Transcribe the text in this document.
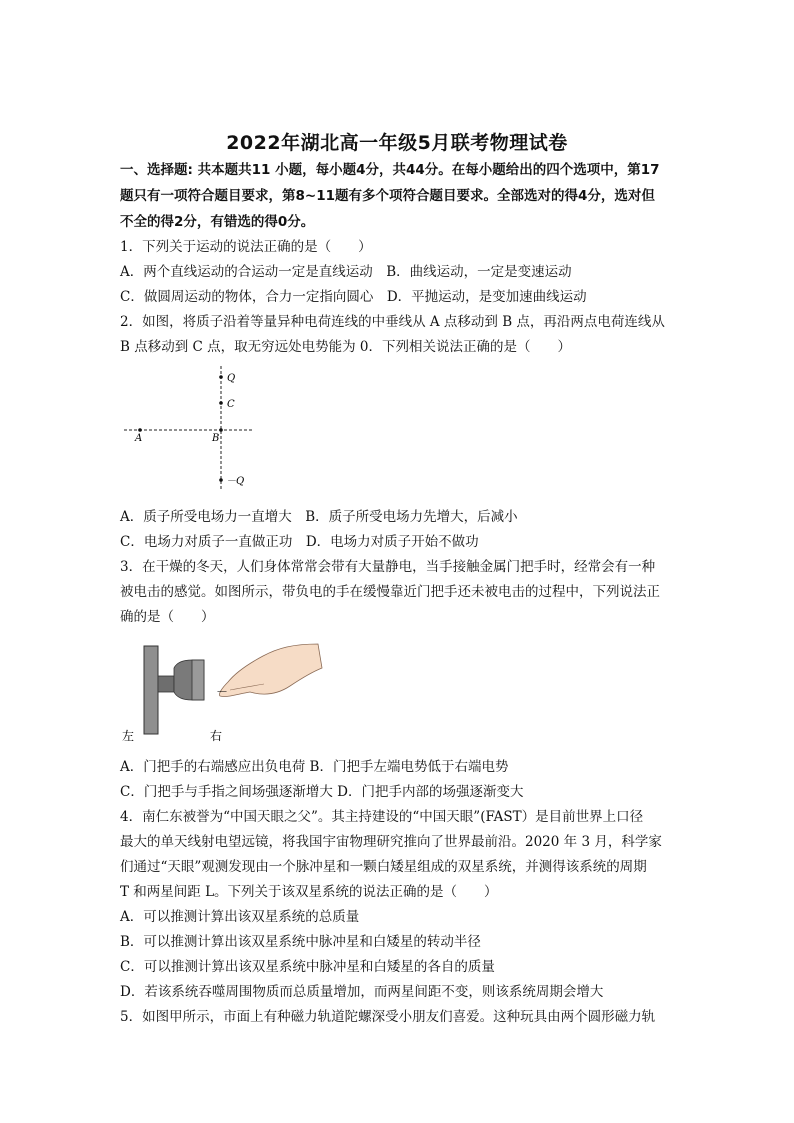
2022年湖北高一年级5月联考物理试卷
一、选择题: 共本题共11 小题，每小题4分，共44分。在每小题给出的四个选项中，第17
题只有一项符合题目要求，第8~11题有多个项符合题目要求。全部选对的得4分，选对但
不全的得2分，有错选的得0分。
1．下列关于运动的说法正确的是（　　）
A．两个直线运动的合运动一定是直线运动　B．曲线运动，一定是变速运动
C．做圆周运动的物体，合力一定指向圆心　D．平抛运动，是变加速曲线运动
2．如图，将质子沿着等量异种电荷连线的中垂线从 A 点移动到 B 点，再沿两点电荷连线从
B 点移动到 C 点，取无穷远处电势能为 0．下列相关说法正确的是（　　）
Q
C
A	B
－Q
A．质子所受电场力一直增大　B．质子所受电场力先增大，后减小
C．电场力对质子一直做正功　D．电场力对质子开始不做功
3．在干燥的冬天，人们身体常常会带有大量静电，当手接触金属门把手时，经常会有一种
被电击的感觉。如图所示，带负电的手在缓慢靠近门把手还未被电击的过程中，下列说法正
确的是（　　）
－
左	右
A．门把手的右端感应出负电荷 B．门把手左端电势低于右端电势
C．门把手与手指之间场强逐渐增大 D．门把手内部的场强逐渐变大
4．南仁东被誉为“中国天眼之父”。其主持建设的“中国天眼”(FAST）是目前世界上口径
最大的单天线射电望远镜，将我国宇宙物理研究推向了世界最前沿。2020 年 3 月，科学家
们通过“天眼”观测发现由一个脉冲星和一颗白矮星组成的双星系统，并测得该系统的周期
T 和两星间距 L。下列关于该双星系统的说法正确的是（　　）
A．可以推测计算出该双星系统的总质量
B．可以推测计算出该双星系统中脉冲星和白矮星的转动半径
C．可以推测计算出该双星系统中脉冲星和白矮星的各自的质量
D．若该系统吞噬周围物质而总质量增加，而两星间距不变，则该系统周期会增大
5．如图甲所示，市面上有种磁力轨道陀螺深受小朋友们喜爱。这种玩具由两个圆形磁力轨
